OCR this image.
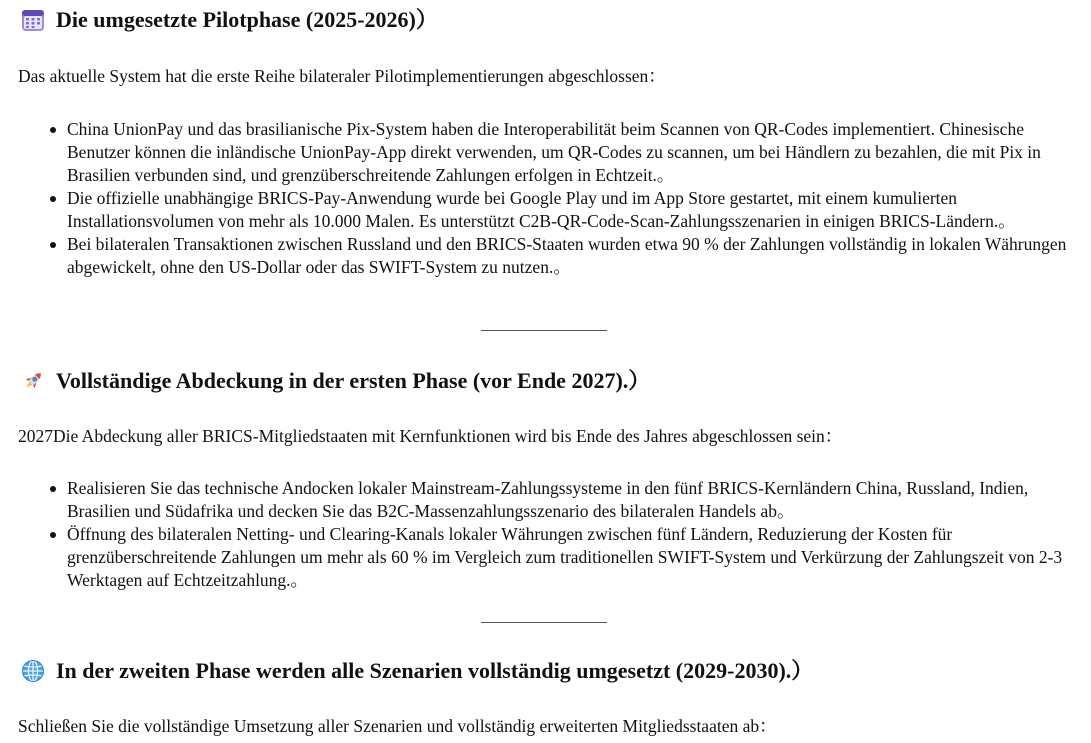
Die umgesetzte Pilotphase (2025-2026)）
Das aktuelle System hat die erste Reihe bilateraler Pilotimplementierungen abgeschlossen：
China UnionPay und das brasilianische Pix-System haben die Interoperabilität beim Scannen von QR-Codes implementiert. Chinesische Benutzer können die inländische UnionPay-App direkt verwenden, um QR-Codes zu scannen, um bei Händlern zu bezahlen, die mit Pix in Brasilien verbunden sind, und grenzüberschreitende Zahlungen erfolgen in Echtzeit.。
Die offizielle unabhängige BRICS-Pay-Anwendung wurde bei Google Play und im App Store gestartet, mit einem kumulierten Installationsvolumen von mehr als 10.000 Malen. Es unterstützt C2B-QR-Code-Scan-Zahlungsszenarien in einigen BRICS-Ländern.。
Bei bilateralen Transaktionen zwischen Russland und den BRICS-Staaten wurden etwa 90 % der Zahlungen vollständig in lokalen Währungen abgewickelt, ohne den US-Dollar oder das SWIFT-System zu nutzen.。
Vollständige Abdeckung in der ersten Phase (vor Ende 2027).）
2027Die Abdeckung aller BRICS-Mitgliedstaaten mit Kernfunktionen wird bis Ende des Jahres abgeschlossen sein：
Realisieren Sie das technische Andocken lokaler Mainstream-Zahlungssysteme in den fünf BRICS-Kernländern China, Russland, Indien, Brasilien und Südafrika und decken Sie das B2C-Massenzahlungsszenario des bilateralen Handels ab。
Öffnung des bilateralen Netting- und Clearing-Kanals lokaler Währungen zwischen fünf Ländern, Reduzierung der Kosten für grenzüberschreitende Zahlungen um mehr als 60 % im Vergleich zum traditionellen SWIFT-System und Verkürzung der Zahlungszeit von 2-3 Werktagen auf Echtzeitzahlung.。
In der zweiten Phase werden alle Szenarien vollständig umgesetzt (2029-2030).）
Schließen Sie die vollständige Umsetzung aller Szenarien und vollständig erweiterten Mitgliedsstaaten ab：
